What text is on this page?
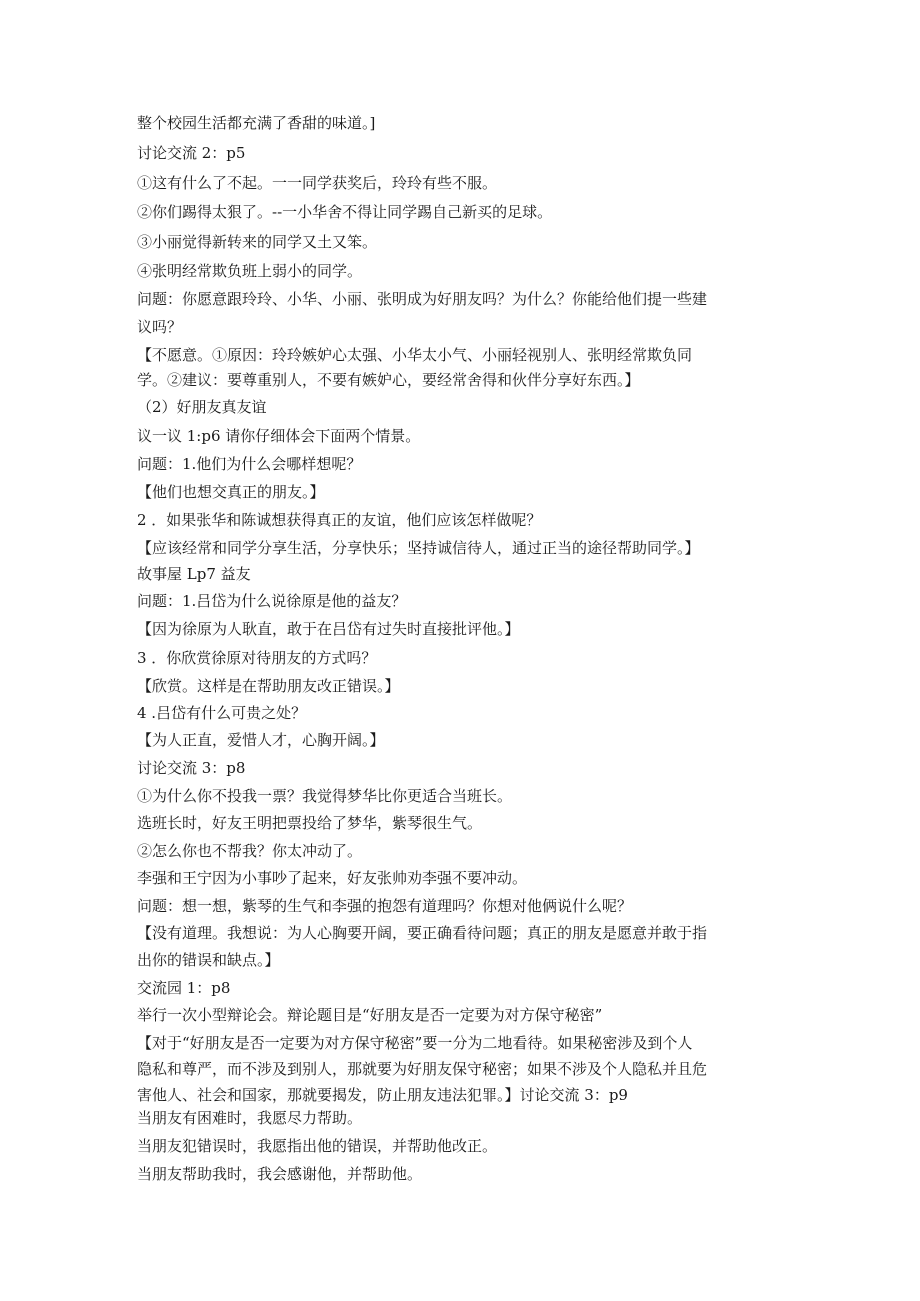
整个校园生活都充满了香甜的味道。]
讨论交流 2：p5
①这有什么了不起。一一同学获奖后，玲玲有些不服。
②你们踢得太狠了。--一小华舍不得让同学踢自己新买的足球。
③小丽觉得新转来的同学又土又笨。
④张明经常欺负班上弱小的同学。
问题：你愿意跟玲玲、小华、小丽、张明成为好朋友吗？为什么？你能给他们提一些建
议吗？
【不愿意。①原因：玲玲嫉妒心太强、小华太小气、小丽轻视别人、张明经常欺负同
学。②建议：要尊重别人，不要有嫉妒心，要经常舍得和伙伴分享好东西。】
（2）好朋友真友谊
议一议 1:p6 请你仔细体会下面两个情景。
问题：1.他们为什么会哪样想呢？
【他们也想交真正的朋友。】
2 ．如果张华和陈诚想获得真正的友谊，他们应该怎样做呢？
【应该经常和同学分享生活，分享快乐；坚持诚信待人，通过正当的途径帮助同学。】
故事屋 Lp7 益友
问题：1.吕岱为什么说徐原是他的益友？
【因为徐原为人耿直，敢于在吕岱有过失时直接批评他。】
3 ．你欣赏徐原对待朋友的方式吗？
【欣赏。这样是在帮助朋友改正错误。】
4 .吕岱有什么可贵之处？
【为人正直，爱惜人才，心胸开阔。】
讨论交流 3：p8
①为什么你不投我一票？我觉得梦华比你更适合当班长。
选班长时，好友王明把票投给了梦华，紫琴很生气。
②怎么你也不帮我？你太冲动了。
李强和王宁因为小事吵了起来，好友张帅劝李强不要冲动。
问题：想一想，紫琴的生气和李强的抱怨有道理吗？你想对他俩说什么呢？
【没有道理。我想说：为人心胸要开阔，要正确看待问题；真正的朋友是愿意并敢于指
出你的错误和缺点。】
交流园 1：p8
举行一次小型辩论会。辩论题目是“好朋友是否一定要为对方保守秘密”
【对于“好朋友是否一定要为对方保守秘密”要一分为二地看待。如果秘密涉及到个人
隐私和尊严，而不涉及到别人，那就要为好朋友保守秘密；如果不涉及个人隐私并且危
害他人、社会和国家，那就要揭发，防止朋友违法犯罪。】讨论交流 3：p9
当朋友有困难时，我愿尽力帮助。
当朋友犯错误时，我愿指出他的错误，并帮助他改正。
当朋友帮助我时，我会感谢他，并帮助他。
